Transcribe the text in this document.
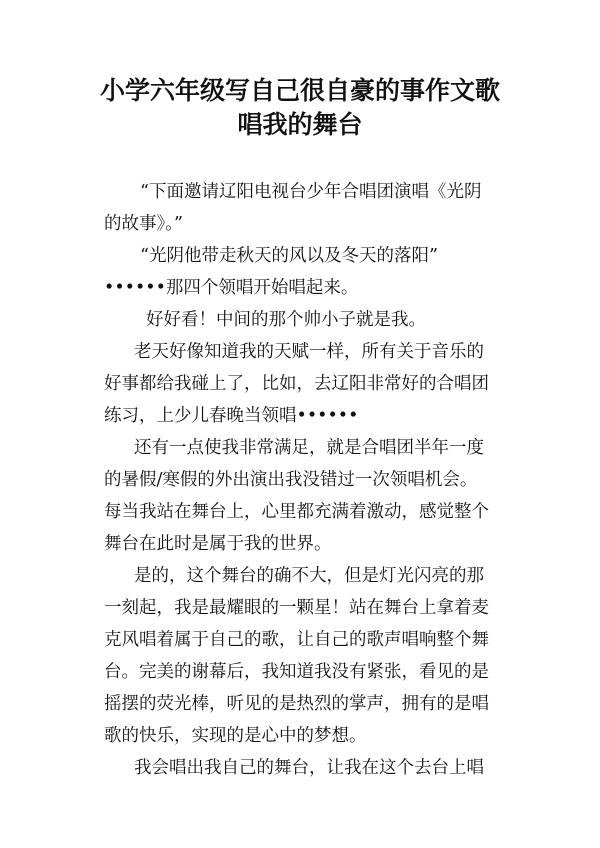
小学六年级写自己很自豪的事作文歌
唱我的舞台

“下面邀请辽阳电视台少年合唱团演唱《光阴

的故事》。”

“光阴他带走秋天的风以及冬天的落阳”

••••••那四个领唱开始唱起来。

好好看！中间的那个帅小子就是我。

老天好像知道我的天赋一样，所有关于音乐的

好事都给我碰上了，比如，去辽阳非常好的合唱团

练习，上少儿春晚当领唱••••••

还有一点使我非常满足，就是合唱团半年一度

的暑假/寒假的外出演出我没错过一次领唱机会。

每当我站在舞台上，心里都充满着激动，感觉整个

舞台在此时是属于我的世界。

是的，这个舞台的确不大，但是灯光闪亮的那

一刻起，我是最耀眼的一颗星！站在舞台上拿着麦

克风唱着属于自己的歌，让自己的歌声唱响整个舞

台。完美的谢幕后，我知道我没有紧张，看见的是

摇摆的荧光棒，听见的是热烈的掌声，拥有的是唱

歌的快乐，实现的是心中的梦想。

我会唱出我自己的舞台，让我在这个去台上唱
